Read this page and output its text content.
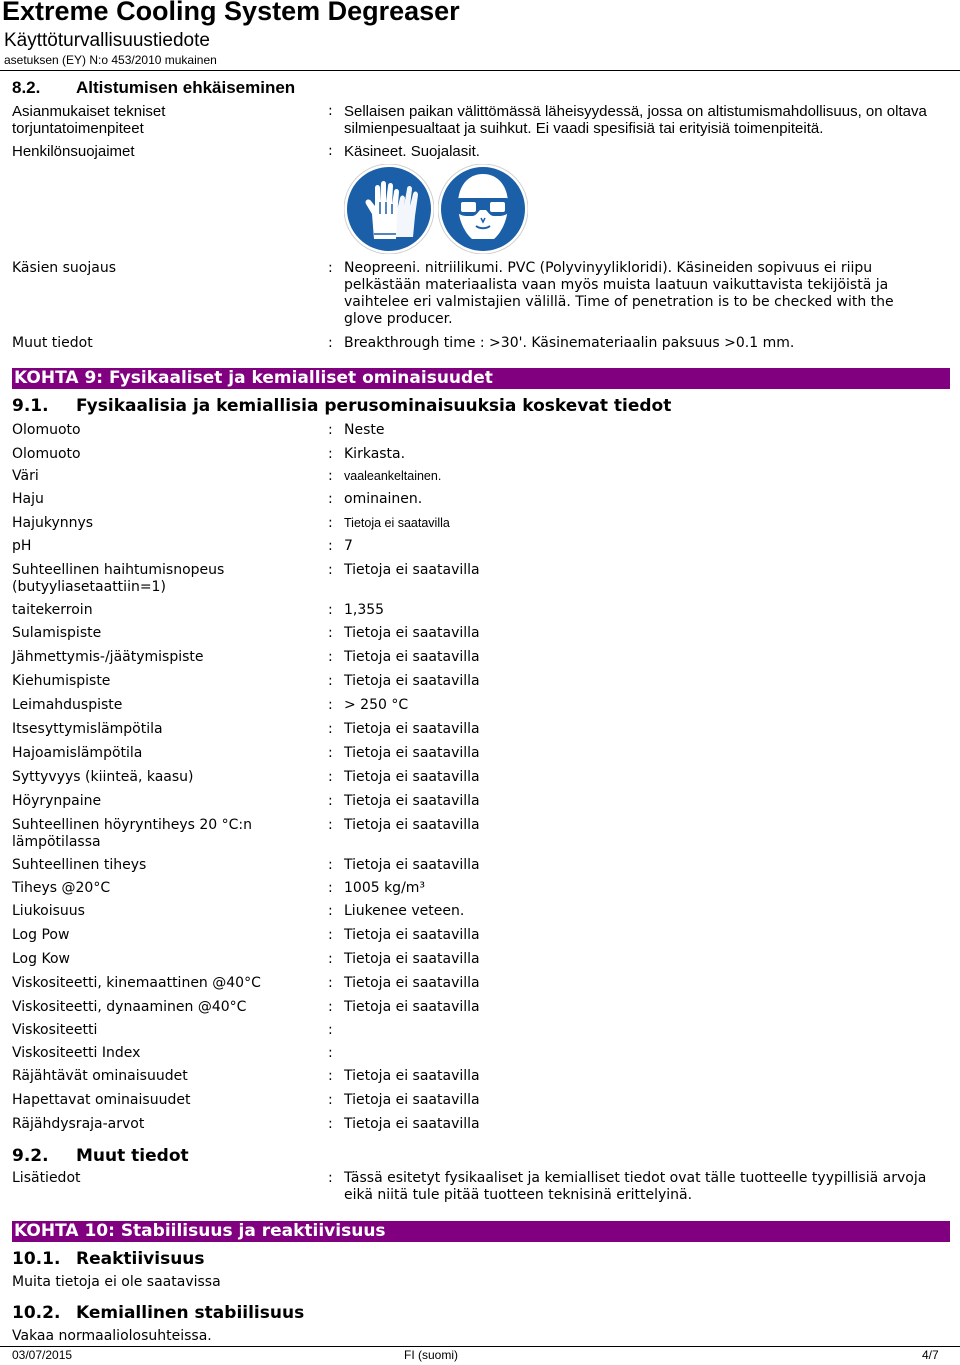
Extreme Cooling System Degreaser
Käyttöturvallisuustiedote
asetuksen (EY) N:o 453/2010 mukainen
8.2. Altistumisen ehkäiseminen
Asianmukaiset tekniset torjuntatoimenpiteet
: Sellaisen paikan välittömässä läheisyydessä, jossa on altistumismahdollisuus, on oltava silmienpesualtaat ja suihkut. Ei vaadi spesifisiä tai erityisiä toimenpiteitä.
Henkilönsuojaimet	: Käsineet. Suojalasit.
Käsien suojaus	: Neopreeni. nitriilikumi. PVC (Polyvinyylikloridi). Käsineiden sopivuus ei riipu pelkästään materiaalista vaan myös muista laatuun vaikuttavista tekijöistä ja vaihtelee eri valmistajien välillä. Time of penetration is to be checked with the glove producer.
Muut tiedot	: Breakthrough time : >30'. Käsinemateriaalin paksuus >0.1 mm.
KOHTA 9: Fysikaaliset ja kemialliset ominaisuudet
9.1. Fysikaalisia ja kemiallisia perusominaisuuksia koskevat tiedot
Olomuoto	: Neste
Olomuoto	: Kirkasta.
Väri	: vaaleankeltainen.
Haju	: ominainen.
Hajukynnys	: Tietoja ei saatavilla
pH	: 7
Suhteellinen haihtumisnopeus (butyyliasetaattiin=1)
: Tietoja ei saatavilla
taitekerroin	: 1,355
Sulamispiste	: Tietoja ei saatavilla
Jähmettymis-/jäätymispiste	: Tietoja ei saatavilla
Kiehumispiste	: Tietoja ei saatavilla
Leimahduspiste	: > 250 °C
Itsesyttymislämpötila	: Tietoja ei saatavilla
Hajoamislämpötila	: Tietoja ei saatavilla
Syttyvyys (kiinteä, kaasu)	: Tietoja ei saatavilla
Höyrynpaine	: Tietoja ei saatavilla
Suhteellinen höyryntiheys 20 °C:n lämpötilassa
: Tietoja ei saatavilla
Suhteellinen tiheys	: Tietoja ei saatavilla
Tiheys @20°C	: 1005 kg/m³
Liukoisuus	: Liukenee veteen.
Log Pow	: Tietoja ei saatavilla
Log Kow	: Tietoja ei saatavilla
Viskositeetti, kinemaattinen @40°C	: Tietoja ei saatavilla
Viskositeetti, dynaaminen @40°C	: Tietoja ei saatavilla
Viskositeetti	:
Viskositeetti Index	:
Räjähtävät ominaisuudet	: Tietoja ei saatavilla
Hapettavat ominaisuudet	: Tietoja ei saatavilla
Räjähdysraja-arvot	: Tietoja ei saatavilla
9.2. Muut tiedot
Lisätiedot	: Tässä esitetyt fysikaaliset ja kemialliset tiedot ovat tälle tuotteelle tyypillisiä arvoja eikä niitä tule pitää tuotteen teknisinä erittelyinä.
KOHTA 10: Stabiilisuus ja reaktiivisuus
10.1. Reaktiivisuus
Muita tietoja ei ole saatavissa
10.2. Kemiallinen stabiilisuus
Vakaa normaaliolosuhteissa.
03/07/2015	FI (suomi)	4/7
